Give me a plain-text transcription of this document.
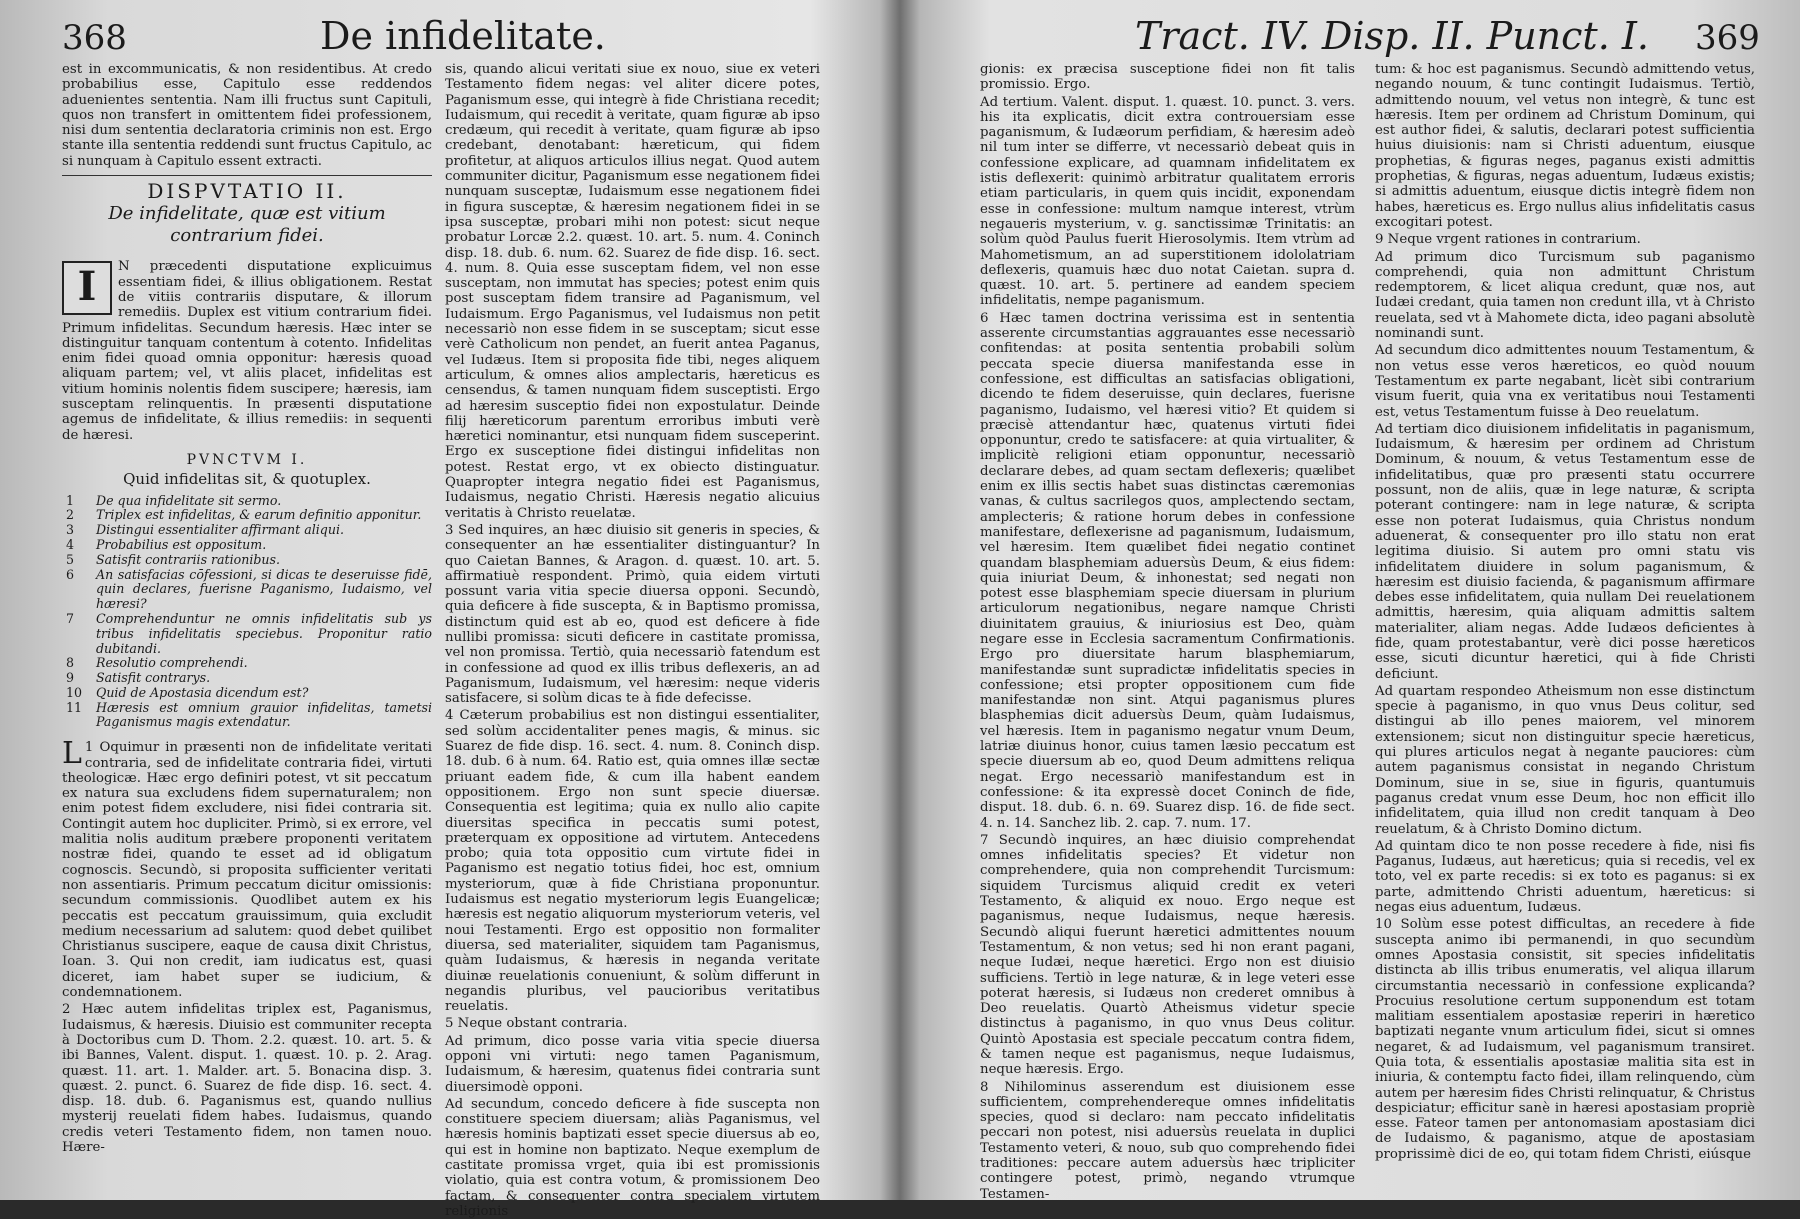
368	De infidelitate.

est in excommunicatis, & non residentibus. At credo probabilius esse, Capitulo esse reddendos aduenientes sententia. Nam illi fructus sunt Capituli, quos non transfert in omittentem fidei professionem, nisi dum sententia declaratoria criminis non est. Ergo stante illa sententia reddendi sunt fructus Capitulo, ac si nunquam à Capitulo essent extracti.

DISPVTATIO II.
De infidelitate, quæ est vitium contrarium fidei.
I	N præcedenti disputatione explicuimus essentiam fidei, & illius obligationem. Restat de vitiis contrariis disputare, & illorum remediis. Duplex est vitium contrarium fidei. Primum infidelitas. Secundum hæresis. Hæc inter se distinguitur tanquam contentum à cotento. Infidelitas enim fidei quoad omnia opponitur: hæresis quoad aliquam partem; vel, vt aliis placet, infidelitas est vitium hominis nolentis fidem suscipere; hæresis, iam susceptam relinquentis. In præsenti disputatione agemus de infidelitate, & illius remediis: in sequenti de hæresi.
PVNCTVM I.
Quid infidelitas sit, & quotuplex.
1 De qua infidelitate sit sermo.
2 Triplex est infidelitas, & earum definitio apponitur.
3 Distingui essentialiter affirmant aliqui.
4 Probabilius est oppositum.
5 Satisfit contrariis rationibus.
6 An satisfacias cōfessioni, si dicas te deseruisse fidē, quin declares, fuerisne Paganismo, Iudaismo, vel hæresi?
7 Comprehenduntur ne omnis infidelitatis sub ys tribus infidelitatis speciebus. Proponitur ratio dubitandi.
8 Resolutio comprehendi.
9 Satisfit contrarys.
10 Quid de Apostasia dicendum est?
11 Hæresis est omnium grauior infidelitas, tametsi Paganismus magis extendatur.

1
L Oquimur in præsenti non de infidelitate veritati contraria, sed de infidelitate contraria fidei, virtuti theologicæ. Hæc ergo definiri potest, vt sit peccatum ex natura sua excludens fidem supernaturalem; non enim potest fidem excludere, nisi fidei contraria sit. Contingit autem hoc dupliciter. Primò, si ex errore, vel malitia nolis auditum præbere proponenti veritatem nostræ fidei, quando te esset ad id obligatum cognoscis. Secundò, si proposita sufficienter veritati non assentiaris. Primum peccatum dicitur omissionis: secundum commissionis. Quodlibet autem ex his peccatis est peccatum grauissimum, quia excludit medium necessarium ad salutem: quod debet quilibet Christianus suscipere, eaque de causa dixit Christus, Ioan. 3. Qui non credit, iam iudicatus est, quasi diceret, iam habet super se iudicium, & condemnationem.

2 Hæc autem infidelitas triplex est, Paganismus, Iudaismus, & hæresis. Diuisio est communiter recepta à Doctoribus cum D. Thom. 2.2. quæst. 10. art. 5. & ibi Bannes, Valent. disput. 1. quæst. 10. p. 2. Arag. quæst. 11. art. 1. Malder. art. 5. Bonacina disp. 3. quæst. 2. punct. 6. Suarez de fide disp. 16. sect. 4. disp. 18. dub. 6. Paganismus est, quando nullius mysterij reuelati fidem habes. Iudaismus, quando credis veteri Testamento fidem, non tamen nouo. Hære-

sis, quando alicui veritati siue ex nouo, siue ex veteri Testamento fidem negas: vel aliter dicere potes, Paganismum esse, qui integrè à fide Christiana recedit; Iudaismum, qui recedit à veritate, quam figuræ ab ipso credæum, qui recedit à veritate, quam figuræ ab ipso credebant, denotabant: hæreticum, qui fidem profitetur, at aliquos articulos illius negat. Quod autem communiter dicitur, Paganismum esse negationem fidei nunquam susceptæ, Iudaismum esse negationem fidei in figura susceptæ, & hæresim negationem fidei in se ipsa susceptæ, probari mihi non potest: sicut neque probatur Lorcæ 2.2. quæst. 10. art. 5. num. 4. Coninch disp. 18. dub. 6. num. 62. Suarez de fide disp. 16. sect. 4. num. 8. Quia esse susceptam fidem, vel non esse susceptam, non immutat has species; potest enim quis post susceptam fidem transire ad Paganismum, vel Iudaismum. Ergo Paganismus, vel Iudaismus non petit necessariò non esse fidem in se susceptam; sicut esse verè Catholicum non pendet, an fuerit antea Paganus, vel Iudæus. Item si proposita fide tibi, neges aliquem articulum, & omnes alios amplectaris, hæreticus es censendus, & tamen nunquam fidem susceptisti. Ergo ad hæresim susceptio fidei non expostulatur. Deinde filij hæreticorum parentum erroribus imbuti verè hæretici nominantur, etsi nunquam fidem susceperint. Ergo ex susceptione fidei distingui infidelitas non potest. Restat ergo, vt ex obiecto distinguatur. Quapropter integra negatio fidei est Paganismus, Iudaismus, negatio Christi. Hæresis negatio alicuius veritatis à Christo reuelatæ.

3 Sed inquires, an hæc diuisio sit generis in species, & consequenter an hæ essentialiter distinguantur? In quo Caietan Bannes, & Aragon. d. quæst. 10. art. 5. affirmatiuè respondent. Primò, quia eidem virtuti possunt varia vitia specie diuersa opponi. Secundò, quia deficere à fide suscepta, & in Baptismo promissa, distinctum quid est ab eo, quod est deficere à fide nullibi promissa: sicuti deficere in castitate promissa, vel non promissa. Tertiò, quia necessariò fatendum est in confessione ad quod ex illis tribus deflexeris, an ad Paganismum, Iudaismum, vel hæresim: neque videris satisfacere, si solùm dicas te à fide defecisse.

4 Cæterum probabilius est non distingui essentialiter, sed solùm accidentaliter penes magis, & minus. sic Suarez de fide disp. 16. sect. 4. num. 8. Coninch disp. 18. dub. 6 à num. 64. Ratio est, quia omnes illæ sectæ priuant eadem fide, & cum illa habent eandem oppositionem. Ergo non sunt specie diuersæ. Consequentia est legitima; quia ex nullo alio capite diuersitas specifica in peccatis sumi potest, præterquam ex oppositione ad virtutem. Antecedens probo; quia tota oppositio cum virtute fidei in Paganismo est negatio totius fidei, hoc est, omnium mysteriorum, quæ à fide Christiana proponuntur. Iudaismus est negatio mysteriorum legis Euangelicæ; hæresis est negatio aliquorum mysteriorum veteris, vel noui Testamenti. Ergo est oppositio non formaliter diuersa, sed materialiter, siquidem tam Paganismus, quàm Iudaismus, & hæresis in neganda veritate diuinæ reuelationis conueniunt, & solùm differunt in negandis pluribus, vel paucioribus veritatibus reuelatis.

5 Neque obstant contraria.

Ad primum, dico posse varia vitia specie diuersa opponi vni virtuti: nego tamen Paganismum, Iudaismum, & hæresim, quatenus fidei contraria sunt diuersimodè opponi.

Ad secundum, concedo deficere à fide suscepta non constituere speciem diuersam; aliàs Paganismus, vel hæresis hominis baptizati esset specie diuersus ab eo, qui est in homine non baptizato. Neque exemplum de castitate promissa vrget, quia ibi est promissionis violatio, quia est contra votum, & promissionem Deo factam, & consequenter contra specialem virtutem religionis

Tract. IV. Disp. II. Punct. I. 369

gionis: ex præcisa susceptione fidei non fit talis promissio. Ergo.

Ad tertium. Valent. disput. 1. quæst. 10. punct. 3. vers. his ita explicatis, dicit extra controuersiam esse paganismum, & Iudæorum perfidiam, & hæresim adeò nil tum inter se differre, vt necessariò debeat quis in confessione explicare, ad quamnam infidelitatem ex istis deflexerit: quinimò arbitratur qualitatem erroris etiam particularis, in quem quis incidit, exponendam esse in confessione: multum namque interest, vtrùm negaueris mysterium, v. g. sanctissimæ Trinitatis: an solùm quòd Paulus fuerit Hierosolymis. Item vtrùm ad Mahometismum, an ad superstitionem idololatriam deflexeris, quamuis hæc duo notat Caietan. supra d. quæst. 10. art. 5. pertinere ad eandem speciem infidelitatis, nempe paganismum.

6 Hæc tamen doctrina verissima est in sententia asserente circumstantias aggrauantes esse necessariò confitendas: at posita sententia probabili solùm peccata specie diuersa manifestanda esse in confessione, est difficultas an satisfacias obligationi, dicendo te fidem deseruisse, quin declares, fuerisne paganismo, Iudaismo, vel hæresi vitio? Et quidem si præcisè attendantur hæc, quatenus virtuti fidei opponuntur, credo te satisfacere: at quia virtualiter, & implicitè religioni etiam opponuntur, necessariò declarare debes, ad quam sectam deflexeris; quælibet enim ex illis sectis habet suas distinctas cæremonias vanas, & cultus sacrilegos quos, amplectendo sectam, amplecteris; & ratione horum debes in confessione manifestare, deflexerisne ad paganismum, Iudaismum, vel hæresim. Item quælibet fidei negatio continet quandam blasphemiam aduersùs Deum, & eius fidem: quia iniuriat Deum, & inhonestat; sed negati non potest esse blasphemiam specie diuersam in plurium articulorum negationibus, negare namque Christi diuinitatem grauius, & iniuriosius est Deo, quàm negare esse in Ecclesia sacramentum Confirmationis. Ergo pro diuersitate harum blasphemiarum, manifestandæ sunt supradictæ infidelitatis species in confessione; etsi propter oppositionem cum fide manifestandæ non sint. Atqui paganismus plures blasphemias dicit aduersùs Deum, quàm Iudaismus, vel hæresis. Item in paganismo negatur vnum Deum, latriæ diuinus honor, cuius tamen læsio peccatum est specie diuersum ab eo, quod Deum admittens reliqua negat. Ergo necessariò manifestandum est in confessione: & ita expressè docet Coninch de fide, disput. 18. dub. 6. n. 69. Suarez disp. 16. de fide sect. 4. n. 14. Sanchez lib. 2. cap. 7. num. 17.

7 Secundò inquires, an hæc diuisio comprehendat omnes infidelitatis species? Et videtur non comprehendere, quia non comprehendit Turcismum: siquidem Turcismus aliquid credit ex veteri Testamento, & aliquid ex nouo. Ergo neque est paganismus, neque Iudaismus, neque hæresis. Secundò aliqui fuerunt hæretici admittentes nouum Testamentum, & non vetus; sed hi non erant pagani, neque Iudæi, neque hæretici. Ergo non est diuisio sufficiens. Tertiò in lege naturæ, & in lege veteri esse poterat hæresis, si Iudæus non crederet omnibus à Deo reuelatis. Quartò Atheismus videtur specie distinctus à paganismo, in quo vnus Deus colitur. Quintò Apostasia est speciale peccatum contra fidem, & tamen neque est paganismus, neque Iudaismus, neque hæresis. Ergo.

8 Nihilominus asserendum est diuisionem esse sufficientem, comprehendereque omnes infidelitatis species, quod si declaro: nam peccato infidelitatis peccari non potest, nisi aduersùs reuelata in duplici Testamento veteri, & nouo, sub quo comprehendo fidei traditiones: peccare autem aduersùs hæc tripliciter contingere potest, primò, negando vtrumque Testamen-

tum: & hoc est paganismus. Secundò admittendo vetus, negando nouum, & tunc contingit Iudaismus. Tertiò, admittendo nouum, vel vetus non integrè, & tunc est hæresis. Item per ordinem ad Christum Dominum, qui est author fidei, & salutis, declarari potest sufficientia huius diuisionis: nam si Christi aduentum, eiusque prophetias, & figuras neges, paganus existi admittis prophetias, & figuras, negas aduentum, Iudæus existis; si admittis aduentum, eiusque dictis integrè fidem non habes, hæreticus es. Ergo nullus alius infidelitatis casus excogitari potest.

9 Neque vrgent rationes in contrarium.

Ad primum dico Turcismum sub paganismo comprehendi, quia non admittunt Christum redemptorem, & licet aliqua credunt, quæ nos, aut Iudæi credant, quia tamen non credunt illa, vt à Christo reuelata, sed vt à Mahomete dicta, ideo pagani absolutè nominandi sunt.

Ad secundum dico admittentes nouum Testamentum, & non vetus esse veros hæreticos, eo quòd nouum Testamentum ex parte negabant, licèt sibi contrarium visum fuerit, quia vna ex veritatibus noui Testamenti est, vetus Testamentum fuisse à Deo reuelatum.

Ad tertiam dico diuisionem infidelitatis in paganismum, Iudaismum, & hæresim per ordinem ad Christum Dominum, & nouum, & vetus Testamentum esse de infidelitatibus, quæ pro præsenti statu occurrere possunt, non de aliis, quæ in lege naturæ, & scripta poterant contingere: nam in lege naturæ, & scripta esse non poterat Iudaismus, quia Christus nondum aduenerat, & consequenter pro illo statu non erat legitima diuisio. Si autem pro omni statu vis infidelitatem diuidere in solum paganismum, & hæresim est diuisio facienda, & paganismum affirmare debes esse infidelitatem, quia nullam Dei reuelationem admittis, hæresim, quia aliquam admittis saltem materialiter, aliam negas. Adde Iudæos deficientes à fide, quam protestabantur, verè dici posse hæreticos esse, sicuti dicuntur hæretici, qui à fide Christi deficiunt.

Ad quartam respondeo Atheismum non esse distinctum specie à paganismo, in quo vnus Deus colitur, sed distingui ab illo penes maiorem, vel minorem extensionem; sicut non distinguitur specie hæreticus, qui plures articulos negat à negante pauciores: cùm autem paganismus consistat in negando Christum Dominum, siue in se, siue in figuris, quantumuis paganus credat vnum esse Deum, hoc non efficit illo infidelitatem, quia illud non credit tanquam à Deo reuelatum, & à Christo Domino dictum.

Ad quintam dico te non posse recedere à fide, nisi fis Paganus, Iudæus, aut hæreticus; quia si recedis, vel ex toto, vel ex parte recedis: si ex toto es paganus: si ex parte, admittendo Christi aduentum, hæreticus: si negas eius aduentum, Iudæus.

10 Solùm esse potest difficultas, an recedere à fide suscepta animo ibi permanendi, in quo secundùm omnes Apostasia consistit, sit species infidelitatis distincta ab illis tribus enumeratis, vel aliqua illarum circumstantia necessariò in confessione explicanda? Procuius resolutione certum supponendum est totam malitiam essentialem apostasiæ reperiri in hæretico baptizati negante vnum articulum fidei, sicut si omnes negaret, & ad Iudaismum, vel paganismum transiret. Quia tota, & essentialis apostasiæ malitia sita est in iniuria, & contemptu facto fidei, illam relinquendo, cùm autem per hæresim fides Christi relinquatur, & Christus despiciatur; efficitur sanè in hæresi apostasiam propriè esse. Fateor tamen per antonomasiam apostasiam dici de Iudaismo, & paganismo, atque de apostasiam proprissimè dici de eo, qui totam fidem Christi, eiúsque
